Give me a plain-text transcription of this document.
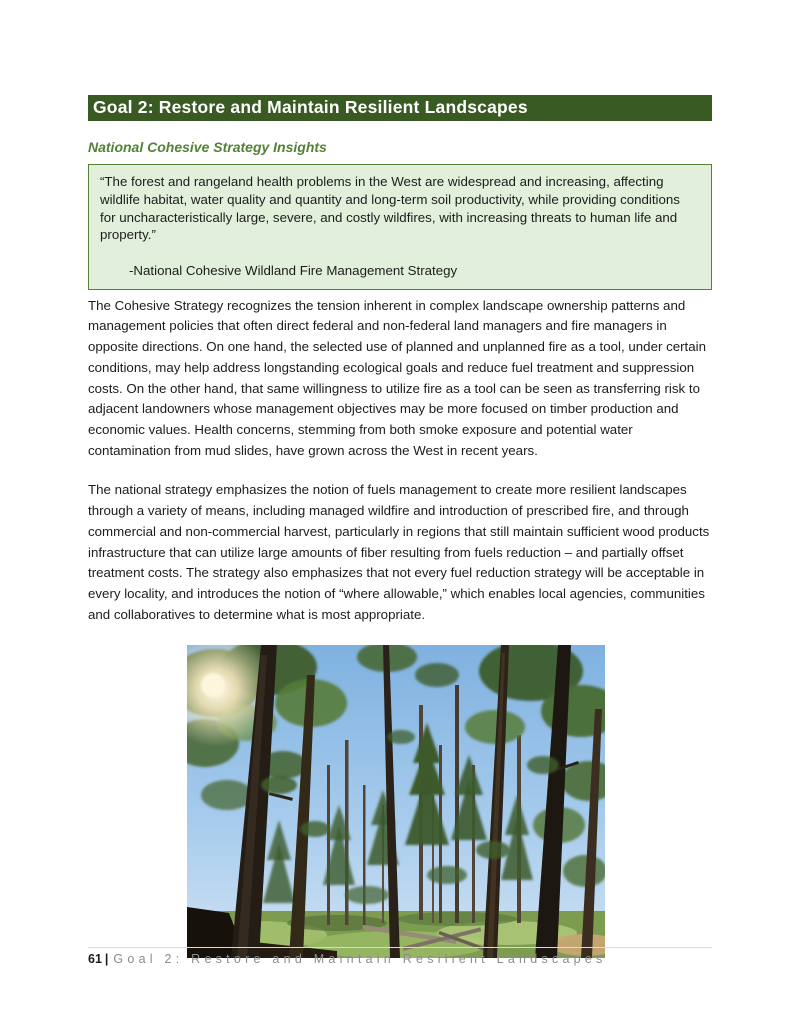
Goal 2: Restore and Maintain Resilient Landscapes
National Cohesive Strategy Insights
“The forest and rangeland health problems in the West are widespread and increasing, affecting wildlife habitat, water quality and quantity and long-term soil productivity, while providing conditions for uncharacteristically large, severe, and costly wildfires, with increasing threats to human life and property.”
-National Cohesive Wildland Fire Management Strategy

The Cohesive Strategy recognizes the tension inherent in complex landscape ownership patterns and management policies that often direct federal and non-federal land managers and fire managers in opposite directions. On one hand, the selected use of planned and unplanned fire as a tool, under certain conditions, may help address longstanding ecological goals and reduce fuel treatment and suppression costs. On the other hand, that same willingness to utilize fire as a tool can be seen as transferring risk to adjacent landowners whose management objectives may be more focused on timber production and economic values. Health concerns, stemming from both smoke exposure and potential water contamination from mud slides, have grown across the West in recent years.

The national strategy emphasizes the notion of fuels management to create more resilient landscapes through a variety of means, including managed wildfire and introduction of prescribed fire, and through commercial and non-commercial harvest, particularly in regions that still maintain sufficient wood products infrastructure that can utilize large amounts of fiber resulting from fuels reduction – and partially offset treatment costs. The strategy also emphasizes that not every fuel reduction strategy will be acceptable in every locality, and introduces the notion of “where allowable,” which enables local agencies, communities and collaboratives to determine what is most appropriate.

61 | Goal 2: Restore and Maintain Resilient Landscapes
